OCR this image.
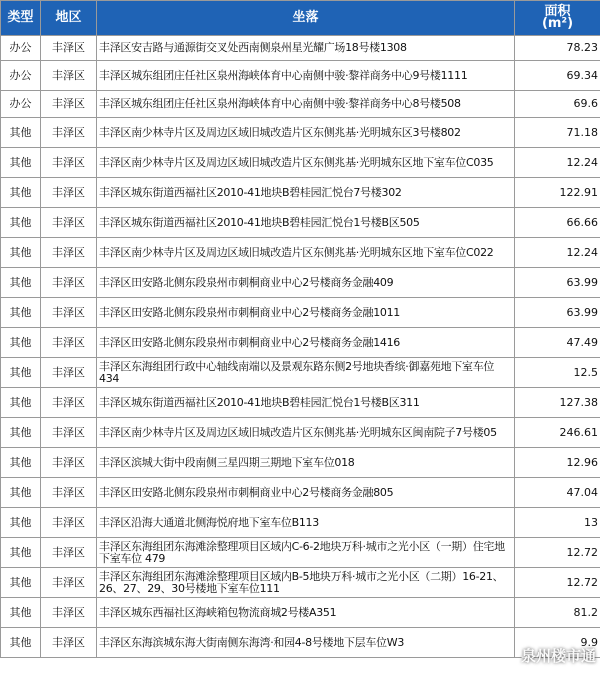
类型	地区	坐落	面积
(m²)

办公	丰泽区	丰泽区安吉路与通源街交叉处西南侧泉州星光耀广场18号楼1308	78.23
办公	丰泽区	丰泽区城东组团庄任社区泉州海峡体育中心南侧中骏·黎祥商务中心9号楼1111	69.34
办公	丰泽区	丰泽区城东组团庄任社区泉州海峡体育中心南侧中骏·黎祥商务中心8号楼508	69.6
其他	丰泽区	丰泽区南少林寺片区及周边区域旧城改造片区东侧兆基·光明城东区3号楼802	71.18
其他	丰泽区	丰泽区南少林寺片区及周边区域旧城改造片区东侧兆基·光明城东区地下室车位C035	12.24
其他	丰泽区	丰泽区城东街道西福社区2010-41地块B碧桂园汇悦台7号楼302	122.91
其他	丰泽区	丰泽区城东街道西福社区2010-41地块B碧桂园汇悦台1号楼B区505	66.66
其他	丰泽区	丰泽区南少林寺片区及周边区域旧城改造片区东侧兆基·光明城东区地下室车位C022	12.24
其他	丰泽区	丰泽区田安路北侧东段泉州市刺桐商业中心2号楼商务金融409	63.99
其他	丰泽区	丰泽区田安路北侧东段泉州市刺桐商业中心2号楼商务金融1011	63.99
其他	丰泽区	丰泽区田安路北侧东段泉州市刺桐商业中心2号楼商务金融1416	47.49
其他	丰泽区	丰泽区东海组团行政中心轴线南端以及景观东路东侧2号地块香缤·御嘉苑地下室车位434	12.5
其他	丰泽区	丰泽区城东街道西福社区2010-41地块B碧桂园汇悦台1号楼B区311	127.38
其他	丰泽区	丰泽区南少林寺片区及周边区域旧城改造片区东侧兆基·光明城东区闽南院子7号楼05	246.61
其他	丰泽区	丰泽区滨城大街中段南侧三星四期三期地下室车位018	12.96
其他	丰泽区	丰泽区田安路北侧东段泉州市刺桐商业中心2号楼商务金融805	47.04
其他	丰泽区	丰泽区沿海大通道北侧海悦府地下室车位B113	13
其他	丰泽区	丰泽区东海组团东海滩涂整理项目区域内C-6-2地块万科·城市之光小区（一期）住宅地下室车位 479	12.72
其他	丰泽区	丰泽区东海组团东海滩涂整理项目区域内B-5地块万科·城市之光小区（二期）16-21、26、27、29、30号楼地下室车位111	12.72
其他	丰泽区	丰泽区城东西福社区海峡箱包物流商城2号楼A351	81.2
其他	丰泽区	丰泽区东海滨城东海大街南侧东海湾·和园4-8号楼地下层车位W3	9.9
泉州楼市通
